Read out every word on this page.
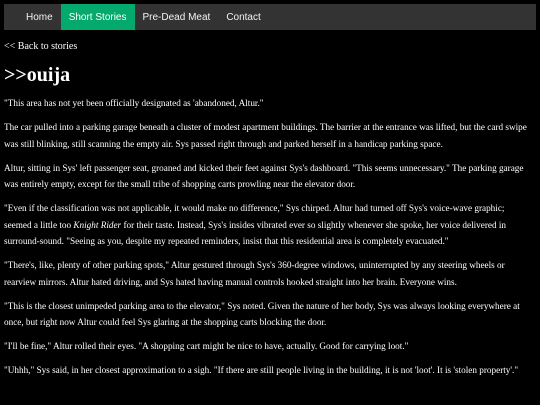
Home	Short Stories	Pre-Dead Meat	Contact
<< Back to stories
>>ouija

"This area has not yet been officially designated as 'abandoned, Altur."

The car pulled into a parking garage beneath a cluster of modest apartment buildings. The barrier at the entrance was lifted, but the card swipe was still blinking, still scanning the empty air. Sys passed right through and parked herself in a handicap parking space.

Altur, sitting in Sys' left passenger seat, groaned and kicked their feet against Sys's dashboard. "This seems unnecessary." The parking garage was entirely empty, except for the small tribe of shopping carts prowling near the elevator door.

"Even if the classification was not applicable, it would make no difference," Sys chirped. Altur had turned off Sys's voice-wave graphic; seemed a little too Knight Rider for their taste. Instead, Sys's insides vibrated ever so slightly whenever she spoke, her voice delivered in surround-sound. "Seeing as you, despite my repeated reminders, insist that this residential area is completely evacuated."

"There's, like, plenty of other parking spots," Altur gestured through Sys's 360-degree windows, uninterrupted by any steering wheels or rearview mirrors. Altur hated driving, and Sys hated having manual controls hooked straight into her brain. Everyone wins.

"This is the closest unimpeded parking area to the elevator," Sys noted. Given the nature of her body, Sys was always looking everywhere at once, but right now Altur could feel Sys glaring at the shopping carts blocking the door.

"I'll be fine," Altur rolled their eyes. "A shopping cart might be nice to have, actually. Good for carrying loot."

"Uhhh," Sys said, in her closest approximation to a sigh. "If there are still people living in the building, it is not 'loot'. It is 'stolen property'."
